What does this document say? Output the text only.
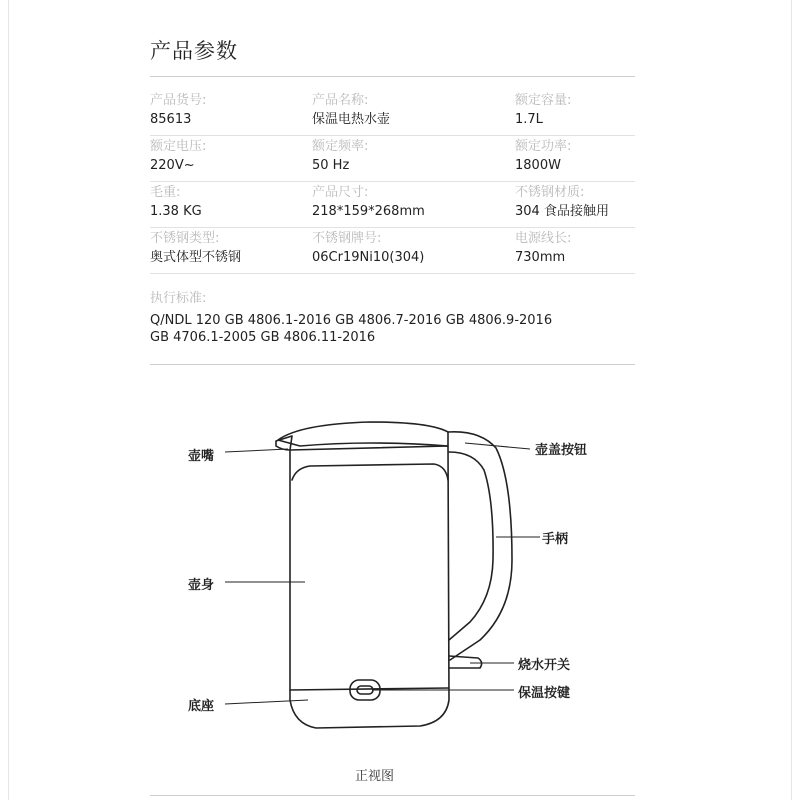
产品参数
产品货号:
85613
产品名称:
保温电热水壶
额定容量:
1.7L
额定电压:
220V~
额定频率:
50 Hz
额定功率:
1800W
毛重:
1.38 KG
产品尺寸:
218*159*268mm
不锈钢材质:
304 食品接触用
不锈钢类型:
奥式体型不锈钢
不锈钢牌号:
06Cr19Ni10(304)
电源线长:
730mm
执行标准:
Q/NDL 120 GB 4806.1-2016 GB 4806.7-2016 GB 4806.9-2016
GB 4706.1-2005 GB 4806.11-2016
壶嘴
壶身
底座
壶盖按钮
手柄
烧水开关
保温按键
正视图
